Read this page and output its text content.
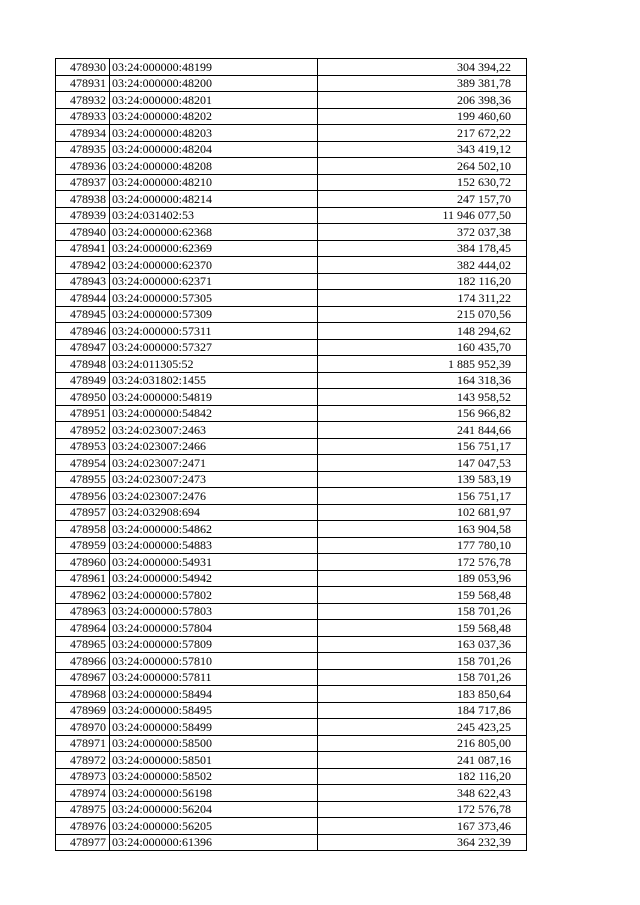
478930	03:24:000000:48199	304 394,22
478931	03:24:000000:48200	389 381,78
478932	03:24:000000:48201	206 398,36
478933	03:24:000000:48202	199 460,60
478934	03:24:000000:48203	217 672,22
478935	03:24:000000:48204	343 419,12
478936	03:24:000000:48208	264 502,10
478937	03:24:000000:48210	152 630,72
478938	03:24:000000:48214	247 157,70
478939	03:24:031402:53	11 946 077,50
478940	03:24:000000:62368	372 037,38
478941	03:24:000000:62369	384 178,45
478942	03:24:000000:62370	382 444,02
478943	03:24:000000:62371	182 116,20
478944	03:24:000000:57305	174 311,22
478945	03:24:000000:57309	215 070,56
478946	03:24:000000:57311	148 294,62
478947	03:24:000000:57327	160 435,70
478948	03:24:011305:52	1 885 952,39
478949	03:24:031802:1455	164 318,36
478950	03:24:000000:54819	143 958,52
478951	03:24:000000:54842	156 966,82
478952	03:24:023007:2463	241 844,66
478953	03:24:023007:2466	156 751,17
478954	03:24:023007:2471	147 047,53
478955	03:24:023007:2473	139 583,19
478956	03:24:023007:2476	156 751,17
478957	03:24:032908:694	102 681,97
478958	03:24:000000:54862	163 904,58
478959	03:24:000000:54883	177 780,10
478960	03:24:000000:54931	172 576,78
478961	03:24:000000:54942	189 053,96
478962	03:24:000000:57802	159 568,48
478963	03:24:000000:57803	158 701,26
478964	03:24:000000:57804	159 568,48
478965	03:24:000000:57809	163 037,36
478966	03:24:000000:57810	158 701,26
478967	03:24:000000:57811	158 701,26
478968	03:24:000000:58494	183 850,64
478969	03:24:000000:58495	184 717,86
478970	03:24:000000:58499	245 423,25
478971	03:24:000000:58500	216 805,00
478972	03:24:000000:58501	241 087,16
478973	03:24:000000:58502	182 116,20
478974	03:24:000000:56198	348 622,43
478975	03:24:000000:56204	172 576,78
478976	03:24:000000:56205	167 373,46
478977	03:24:000000:61396	364 232,39
